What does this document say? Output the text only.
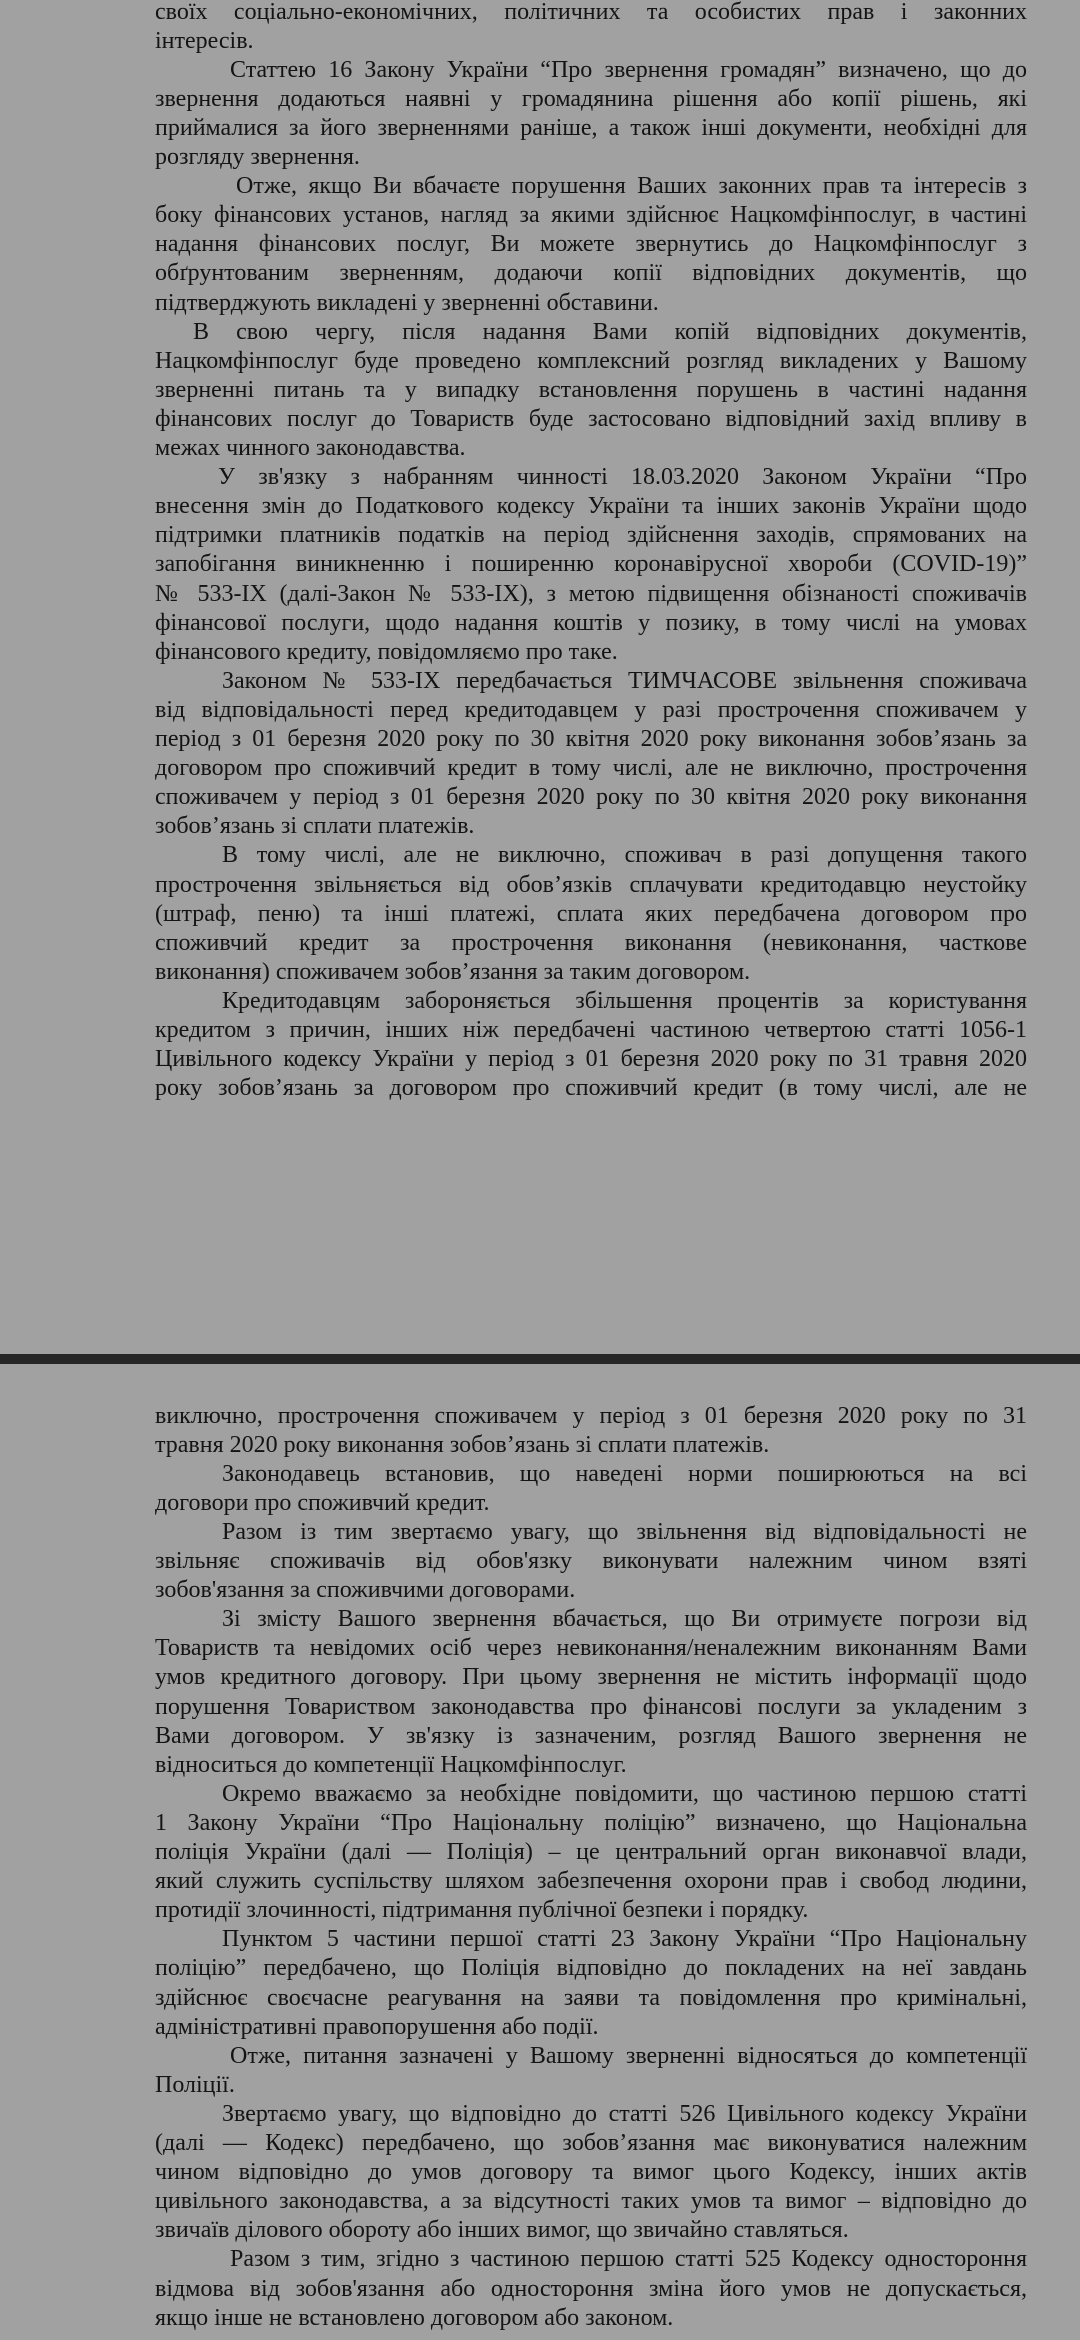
своїх соціально-економічних, політичних та особистих прав і законних
інтересів.
Статтею 16 Закону України “Про звернення громадян” визначено, що до
звернення додаються наявні у громадянина рішення або копії рішень, які
приймалися за його зверненнями раніше, а також інші документи, необхідні для
розгляду звернення.
Отже, якщо Ви вбачаєте порушення Ваших законних прав та інтересів з
боку фінансових установ, нагляд за якими здійснює Нацкомфінпослуг, в частині
надання фінансових послуг, Ви можете звернутись до Нацкомфінпослуг з
обґрунтованим зверненням, додаючи копії відповідних документів, що
підтверджують викладені у зверненні обставини.
В свою чергу, після надання Вами копій відповідних документів,
Нацкомфінпослуг буде проведено комплексний розгляд викладених у Вашому
зверненні питань та у випадку встановлення порушень в частині надання
фінансових послуг до Товариств буде застосовано відповідний захід впливу в
межах чинного законодавства.
У зв'язку з набранням чинності 18.03.2020 Законом України “Про
внесення змін до Податкового кодексу України та інших законів України щодо
підтримки платників податків на період здійснення заходів, спрямованих на
запобігання виникненню і поширенню коронавірусної хвороби (COVID-19)”
№ 533-IX (далі-Закон № 533-IX), з метою підвищення обізнаності споживачів
фінансової послуги, щодо надання коштів у позику, в тому числі на умовах
фінансового кредиту, повідомляємо про таке.
Законом № 533-IX передбачається ТИМЧАСОВЕ звільнення споживача
від відповідальності перед кредитодавцем у разі прострочення споживачем у
період з 01 березня 2020 року по 30 квітня 2020 року виконання зобов’язань за
договором про споживчий кредит в тому числі, але не виключно, прострочення
споживачем у період з 01 березня 2020 року по 30 квітня 2020 року виконання
зобов’язань зі сплати платежів.
В тому числі, але не виключно, споживач в разі допущення такого
прострочення звільняється від обов’язків сплачувати кредитодавцю неустойку
(штраф, пеню) та інші платежі, сплата яких передбачена договором про
споживчий кредит за прострочення виконання (невиконання, часткове
виконання) споживачем зобов’язання за таким договором.
Кредитодавцям забороняється збільшення процентів за користування
кредитом з причин, інших ніж передбачені частиною четвертою статті 1056-1
Цивільного кодексу України у період з 01 березня 2020 року по 31 травня 2020
року зобов’язань за договором про споживчий кредит (в тому числі, але не
виключно, прострочення споживачем у період з 01 березня 2020 року по 31
травня 2020 року виконання зобов’язань зі сплати платежів.
Законодавець встановив, що наведені норми поширюються на всі
договори про споживчий кредит.
Разом із тим звертаємо увагу, що звільнення від відповідальності не
звільняє споживачів від обов'язку виконувати належним чином взяті
зобов'язання за споживчими договорами.
Зі змісту Вашого звернення вбачається, що Ви отримуєте погрози від
Товариств та невідомих осіб через невиконання/неналежним виконанням Вами
умов кредитного договору. При цьому звернення не містить інформації щодо
порушення Товариством законодавства про фінансові послуги за укладеним з
Вами договором. У зв'язку із зазначеним, розгляд Вашого звернення не
відноситься до компетенції Нацкомфінпослуг.
Окремо вважаємо за необхідне повідомити, що частиною першою статті
1 Закону України “Про Національну поліцію” визначено, що Національна
поліція України (далі — Поліція) – це центральний орган виконавчої влади,
який служить суспільству шляхом забезпечення охорони прав і свобод людини,
протидії злочинності, підтримання публічної безпеки і порядку.
Пунктом 5 частини першої статті 23 Закону України “Про Національну
поліцію” передбачено, що Поліція відповідно до покладених на неї завдань
здійснює своєчасне реагування на заяви та повідомлення про кримінальні,
адміністративні правопорушення або події.
Отже, питання зазначені у Вашому зверненні відносяться до компетенції
Поліції.
Звертаємо увагу, що відповідно до статті 526 Цивільного кодексу України
(далі — Кодекс) передбачено, що зобов’язання має виконуватися належним
чином відповідно до умов договору та вимог цього Кодексу, інших актів
цивільного законодавства, а за відсутності таких умов та вимог – відповідно до
звичаїв ділового обороту або інших вимог, що звичайно ставляться.
Разом з тим, згідно з частиною першою статті 525 Кодексу одностороння
відмова від зобов'язання або одностороння зміна його умов не допускається,
якщо інше не встановлено договором або законом.
